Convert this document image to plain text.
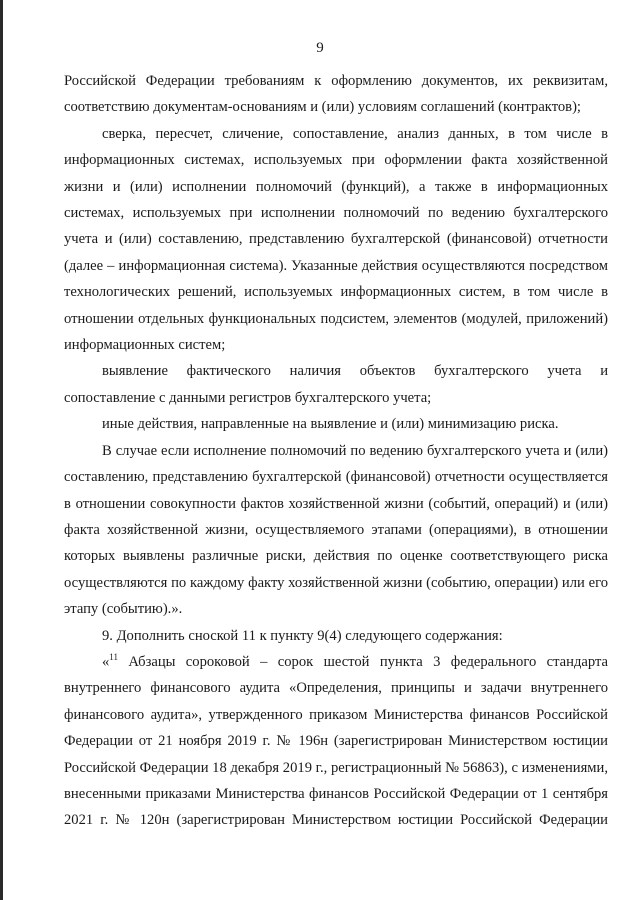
9

Российской Федерации требованиям к оформлению документов, их реквизитам, соответствию документам-основаниям и (или) условиям соглашений (контрактов);

сверка, пересчет, сличение, сопоставление, анализ данных, в том числе в информационных системах, используемых при оформлении факта хозяйственной жизни и (или) исполнении полномочий (функций), а также в информационных системах, используемых при исполнении полномочий по ведению бухгалтерского учета и (или) составлению, представлению бухгалтерской (финансовой) отчетности (далее – информационная система). Указанные действия осуществляются посредством технологических решений, используемых информационных систем, в том числе в отношении отдельных функциональных подсистем, элементов (модулей, приложений) информационных систем;

выявление фактического наличия объектов бухгалтерского учета и сопоставление с данными регистров бухгалтерского учета;

иные действия, направленные на выявление и (или) минимизацию риска.

В случае если исполнение полномочий по ведению бухгалтерского учета и (или) составлению, представлению бухгалтерской (финансовой) отчетности осуществляется в отношении совокупности фактов хозяйственной жизни (событий, операций) и (или) факта хозяйственной жизни, осуществляемого этапами (операциями), в отношении которых выявлены различные риски, действия по оценке соответствующего риска осуществляются по каждому факту хозяйственной жизни (событию, операции) или его этапу (событию).».

9. Дополнить сноской 11 к пункту 9(4) следующего содержания:

«$^{11}$ Абзацы сороковой – сорок шестой пункта 3 федерального стандарта внутреннего финансового аудита «Определения, принципы и задачи внутреннего финансового аудита», утвержденного приказом Министерства финансов Российской Федерации от 21 ноября 2019 г. № 196н (зарегистрирован Министерством юстиции Российской Федерации 18 декабря 2019 г., регистрационный № 56863), с изменениями, внесенными приказами Министерства финансов Российской Федерации от 1 сентября 2021 г. № 120н (зарегистрирован Министерством юстиции Российской Федерации
